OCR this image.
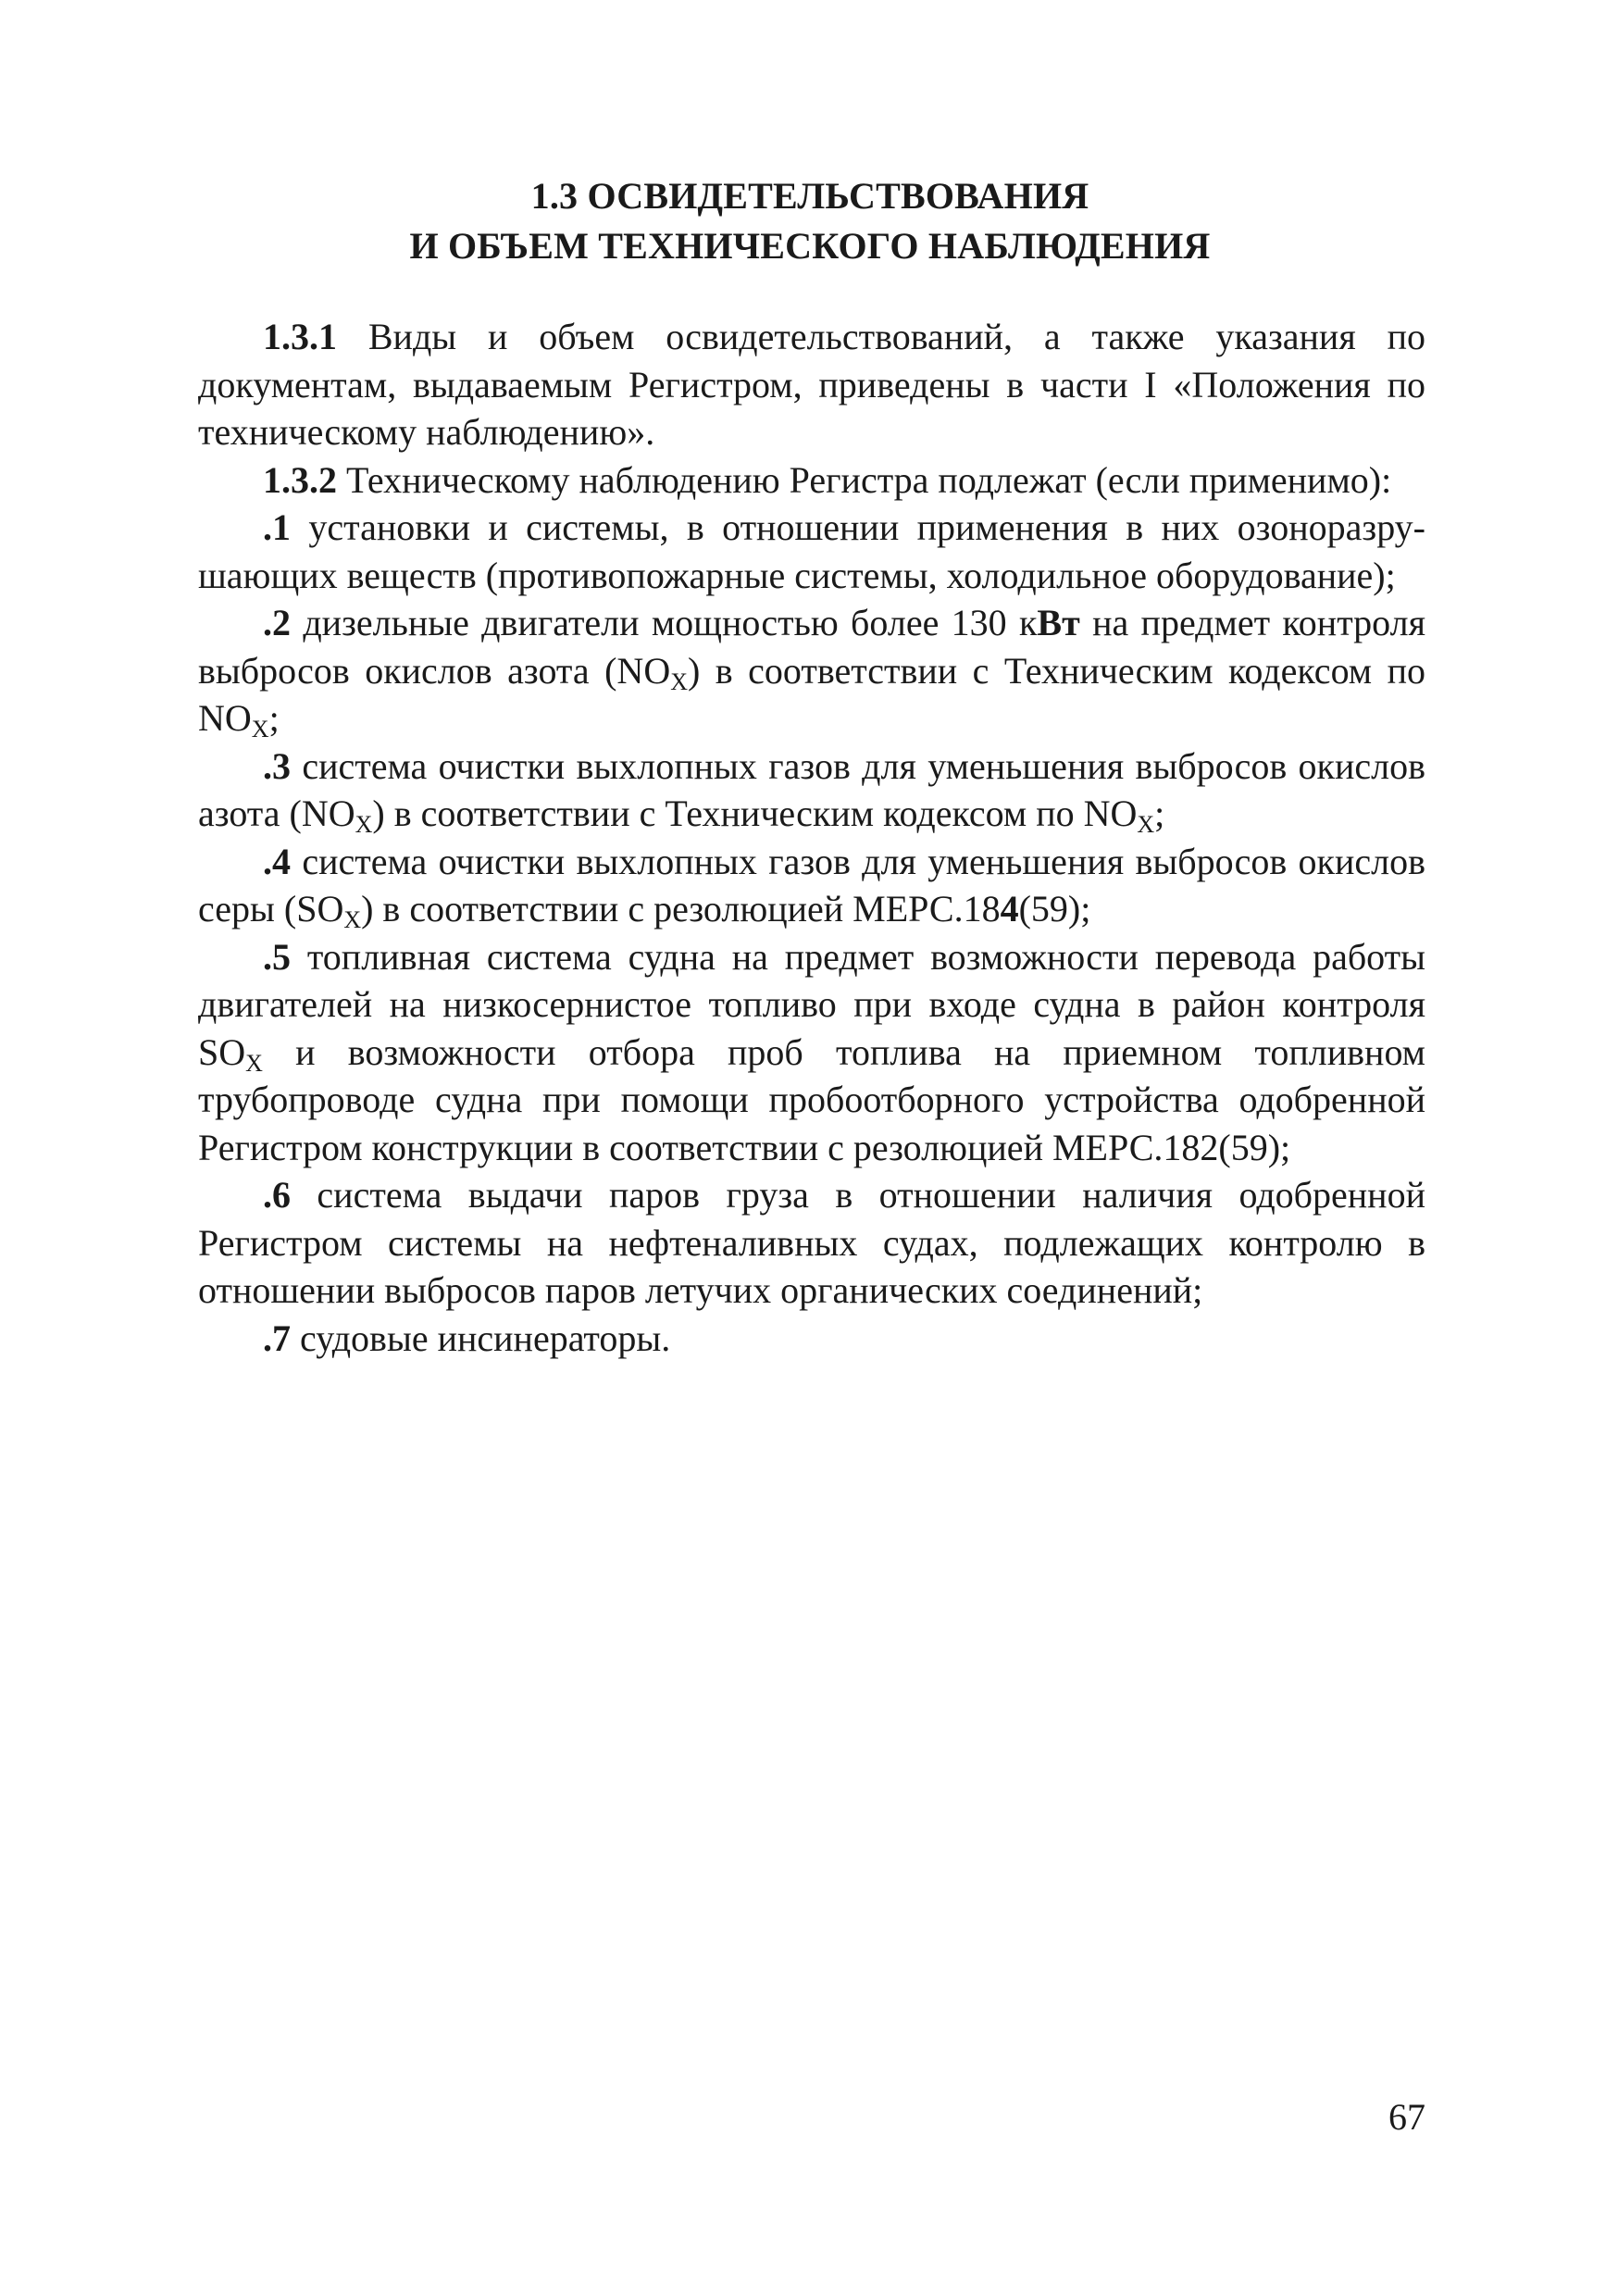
1.3 ОСВИДЕТЕЛЬСТВОВАНИЯ
И ОБЪЕМ ТЕХНИЧЕСКОГО НАБЛЮДЕНИЯ

1.3.1 Виды и объем освидетельствований, а также указания по документам, выдаваемым Регистром, приведены в части I «Положения по техническому наблюдению».

1.3.2 Техническому наблюдению Регистра подлежат (если применимо):

.1 установки и системы, в отношении применения в них озоноразрушающих веществ (противопожарные системы, холодильное оборудование);

.2 дизельные двигатели мощностью более 130 кВт на предмет контроля выбросов окислов азота $(NO_X)$ в соответствии с Техническим кодексом по $NO_X$;

.3 система очистки выхлопных газов для уменьшения выбросов окислов азота $(NO_X)$ в соответствии с Техническим кодексом по $NO_X$;

.4 система очистки выхлопных газов для уменьшения выбросов окислов серы $(SO_X)$ в соответствии с резолюцией МЕРС.184(59);

.5 топливная система судна на предмет возможности перевода работы двигателей на низкосернистое топливо при входе судна в район контроля $SO_X$ и возможности отбора проб топлива на приемном топливном трубопроводе судна при помощи пробоотборного устройства одобренной Регистром конструкции в соответствии с резолюцией МЕРС.182(59);

.6 система выдачи паров груза в отношении наличия одобренной Регистром системы на нефтеналивных судах, подлежащих контролю в отношении выбросов паров летучих органических соединений;

.7 судовые инсинераторы.

67
